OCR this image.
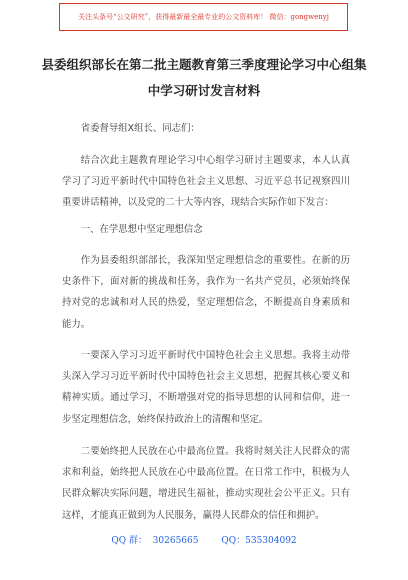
关注头条号“公文研究”，获得最新最全最专业的公文资料库！ 微信：gongwenyj
县委组织部长在第二批主题教育第三季度理论学习中心组集中学习研讨发言材料

省委督导组Ⅹ组长、同志们：

结合次此主题教育理论学习中心组学习研讨主题要求，本人认真学习了习近平新时代中国特色社会主义思想、习近平总书记视察四川重要讲话精神，以及党的二十大等内容，现结合实际作如下发言：

一、在学思想中坚定理想信念

作为县委组织部部长，我深知坚定理想信念的重要性。在新的历史条件下，面对新的挑战和任务，我作为一名共产党员，必须始终保持对党的忠诚和对人民的热爱，坚定理想信念，不断提高自身素质和能力。

一要深入学习习近平新时代中国特色社会主义思想。我将主动带头深入学习习近平新时代中国特色社会主义思想，把握其核心要义和精神实质。通过学习，不断增强对党的指导思想的认同和信仰，进一步坚定理想信念，始终保持政治上的清醒和坚定。

二要始终把人民放在心中最高位置。我将时刻关注人民群众的需求和利益，始终把人民放在心中最高位置。在日常工作中，积极为人民群众解决实际问题，增进民生福祉，推动实现社会公平正义。只有这样，才能真正做到为人民服务，赢得人民群众的信任和拥护。

QQ 群：  30265665        QQ：535304092
